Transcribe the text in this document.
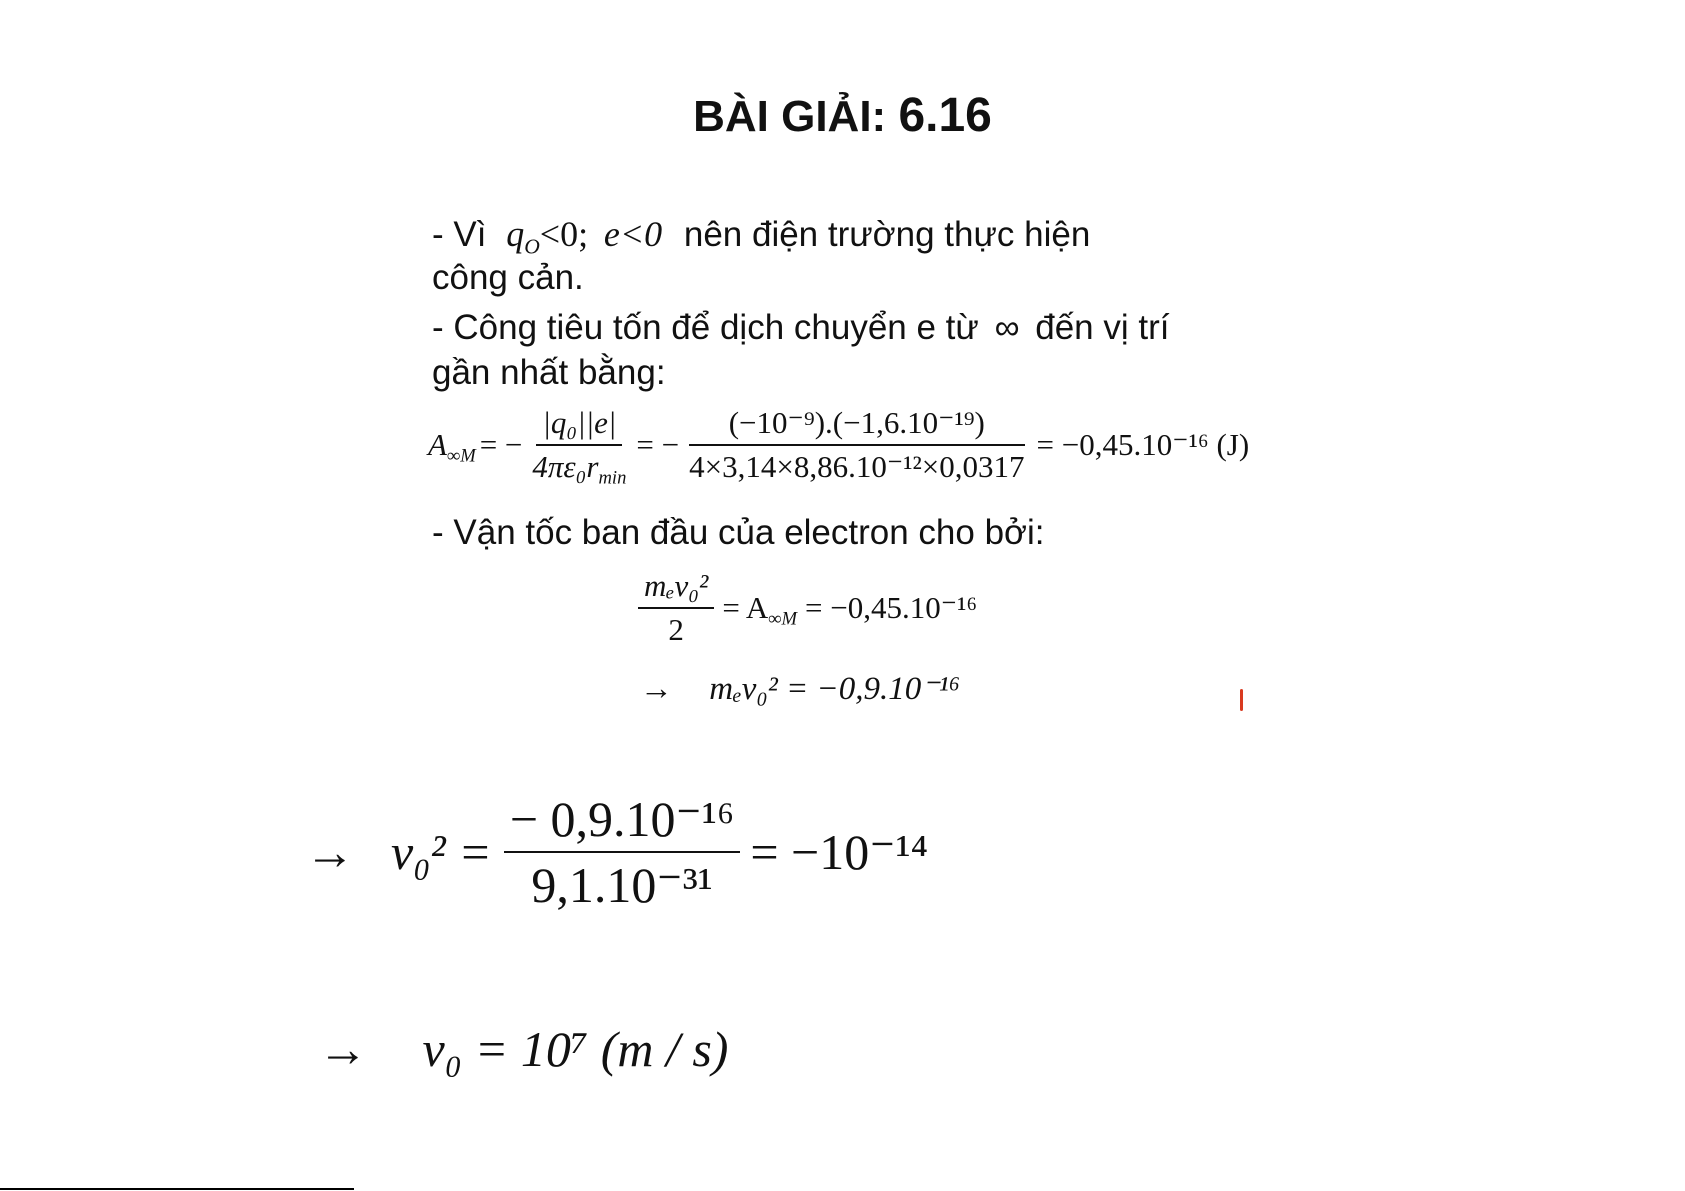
BÀI GIẢI: 6.16
- Vì $q_O<0$; e<0 nên điện trường thực hiện
công cản.
- Công tiêu tốn để dịch chuyển e từ ∞ đến vị trí
gần nhất bằng:
$A_{\infty M}$ = − $\frac{\text{|q₀||e|}}{4\pi\varepsilon_0r_{min}}$ = − $\frac{\text{(−10⁻⁹).(−1,6.10⁻¹⁹)}}{\text{4×3,14×8,86.10⁻¹²×0,0317}} = -0,45.10^{-16}$ (J)
- Vận tốc ban đầu của electron cho bởi:
$\frac{\text{mₑv₀²}}{2} = A_{\infty M} = -0,45.10^{-16}$
→ mₑv₀² = −0,9.10⁻¹⁶
→ $v_0^2 = \frac{\text{− 0,9.10⁻¹⁶}}{\text{9,1.10⁻³¹}} = -10^{-14}$
→ v₀ = 10⁷ (m / s)
